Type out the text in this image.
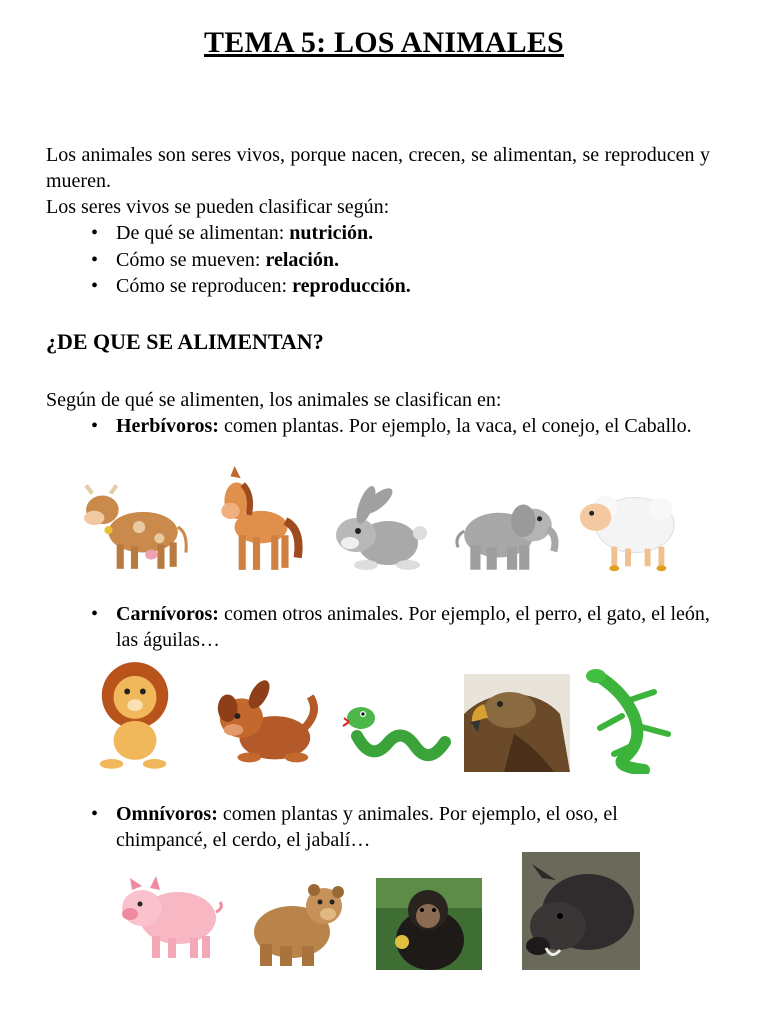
TEMA 5: LOS ANIMALES

Los animales son seres vivos, porque nacen, crecen, se alimentan, se reproducen y mueren.

Los seres vivos se pueden clasificar según:

• De qué se alimentan: nutrición.
• Cómo se mueven: relación.
• Cómo se reproducen: reproducción.
¿DE QUE SE ALIMENTAN?

Según de qué se alimenten, los animales se clasifican en:

• Herbívoros: comen plantas. Por ejemplo, la vaca, el conejo, el Caballo.
• Carnívoros: comen otros animales. Por ejemplo, el perro, el gato, el león, las águilas…
• Omnívoros: comen plantas y animales. Por ejemplo, el oso, el chimpancé, el cerdo, el jabalí…
